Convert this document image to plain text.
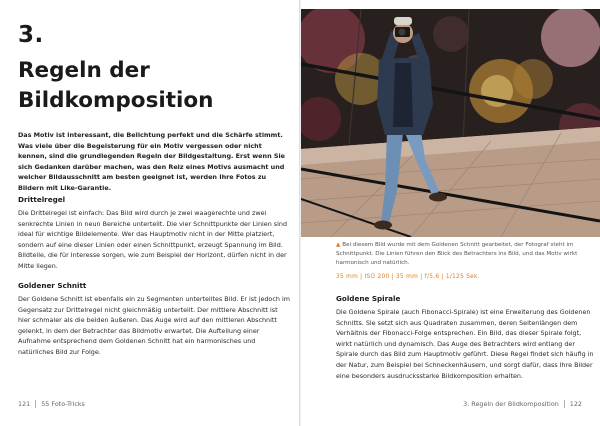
3.
Regeln der Bildkomposition

Das Motiv ist interessant, die Belichtung perfekt und die Schärfe stimmt. Was viele über die Begeisterung für ein Motiv vergessen oder nicht kennen, sind die grundlegenden Regeln der Bildgestaltung. Erst wenn Sie sich Gedanken darüber machen, was den Reiz eines Motivs ausmacht und welcher Bildausschnitt am besten geeignet ist, werden Ihre Fotos zu Bildern mit Like-Garantie.

Drittelregel

Die Drittelregel ist einfach: Das Bild wird durch je zwei waagerechte und zwei senkrechte Linien in neun Bereiche unterteilt. Die vier Schnittpunkte der Linien sind ideal für wichtige Bildelemente. Wer das Hauptmotiv nicht in der Mitte platziert, sondern auf eine dieser Linien oder einen Schnittpunkt, erzeugt Spannung im Bild. Bildteile, die für Interesse sorgen, wie zum Beispiel der Horizont, dürfen nicht in der Mitte liegen.

Goldener Schnitt

Der Goldene Schnitt ist ebenfalls ein zu Segmenten unterteiltes Bild. Er ist jedoch im Gegensatz zur Drittelregel nicht gleichmäßig unterteilt. Der mittlere Abschnitt ist hier schmaler als die beiden äußeren. Das Auge wird auf den mittleren Abschnitt gelenkt, in dem der Betrachter das Bildmotiv erwartet. Die Aufteilung einer Aufnahme entsprechend dem Goldenen Schnitt hat ein harmonisches und natürliches Bild zur Folge.

121 55 Foto-Tricks

▲ Bei diesem Bild wurde mit dem Goldenen Schnitt gearbeitet, der Fotograf steht im Schnittpunkt. Die Linien führen den Blick des Betrachters ins Bild, und das Motiv wirkt harmonisch und natürlich.

35 mm | ISO 200 | 35 mm | f/5,6 | 1/125 Sek.

Goldene Spirale

Die Goldene Spirale (auch Fibonacci-Spirale) ist eine Erweiterung des Goldenen Schnitts. Sie setzt sich aus Quadraten zusammen, deren Seitenlängen dem Verhältnis der Fibonacci-Folge entsprechen. Ein Bild, das dieser Spirale folgt, wirkt natürlich und dynamisch. Das Auge des Betrachters wird entlang der Spirale durch das Bild zum Hauptmotiv geführt. Diese Regel findet sich häufig in der Natur, zum Beispiel bei Schneckenhäusern, und sorgt dafür, dass Ihre Bilder eine besonders ausdrucksstarke Bildkomposition erhalten.

3. Regeln der Bildkomposition 122
